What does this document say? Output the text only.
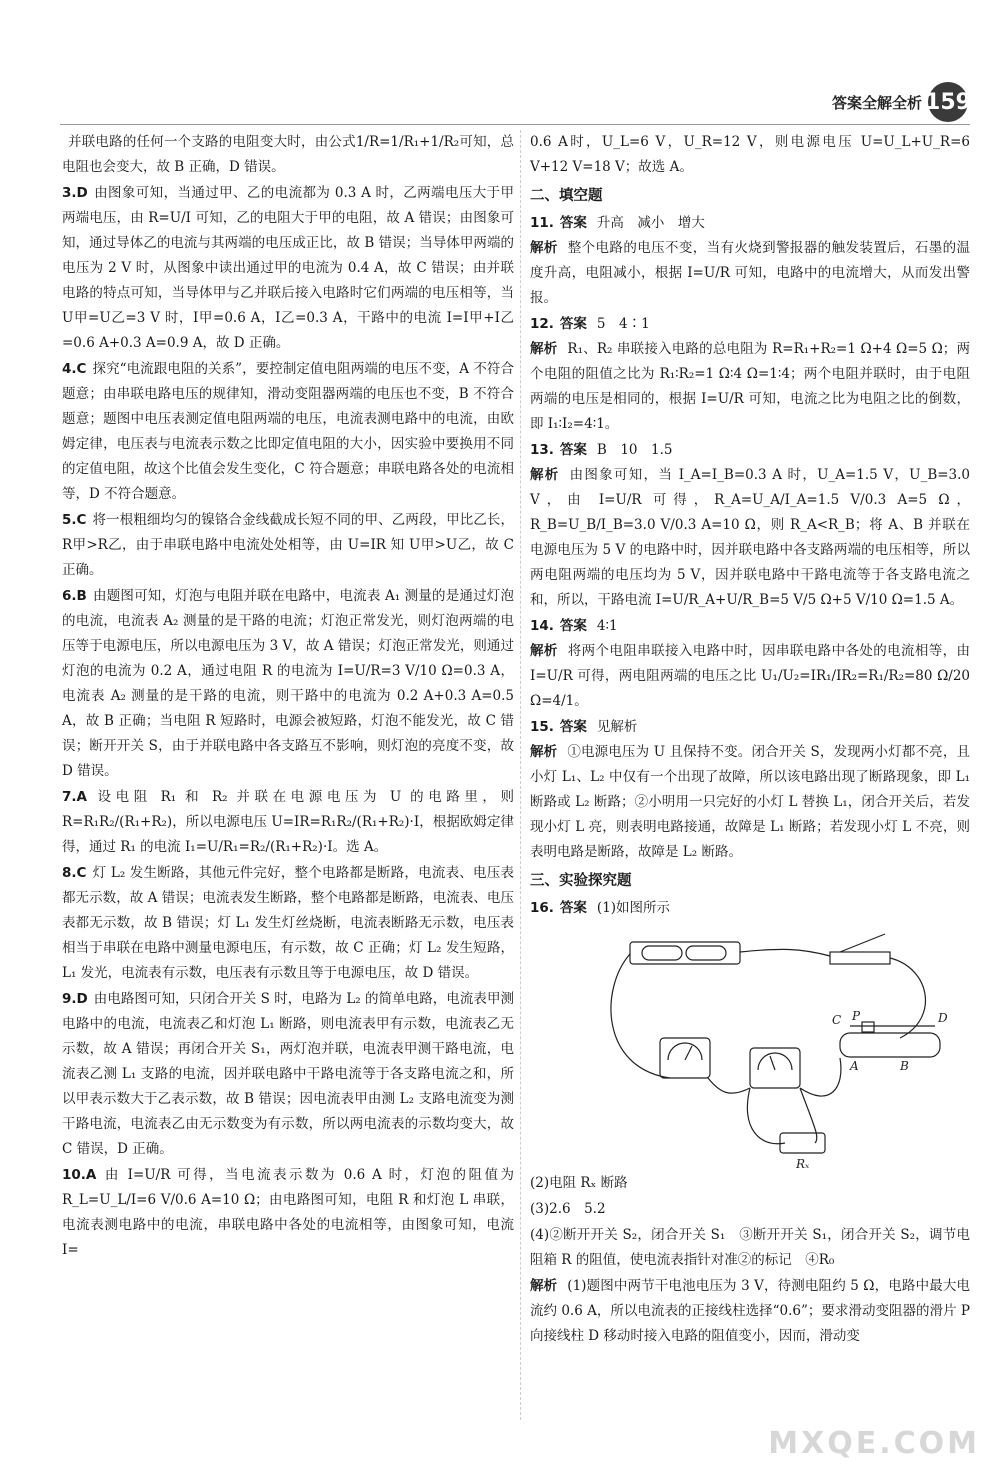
答案全解全析 159
并联电路的任何一个支路的电阻变大时，由公式1/R=1/R₁+1/R₂可知，总电阻也会变大，故 B 正确，D 错误。
3.D 由图象可知，当通过甲、乙的电流都为 0.3 A 时，乙两端电压大于甲两端电压，由 R=U/I 可知，乙的电阻大于甲的电阻，故 A 错误；由图象可知，通过导体乙的电流与其两端的电压成正比，故 B 错误；当导体甲两端的电压为 2 V 时，从图象中读出通过甲的电流为 0.4 A，故 C 错误；由并联电路的特点可知，当导体甲与乙并联后接入电路时它们两端的电压相等，当 U甲=U乙=3 V 时，I甲=0.6 A，I乙=0.3 A，干路中的电流 I=I甲+I乙=0.6 A+0.3 A=0.9 A，故 D 正确。
4.C 探究“电流跟电阻的关系”，要控制定值电阻两端的电压不变，A 不符合题意；由串联电路电压的规律知，滑动变阻器两端的电压也不变，B 不符合题意；题图中电压表测定值电阻两端的电压，电流表测电路中的电流，由欧姆定律，电压表与电流表示数之比即定值电阻的大小，因实验中要换用不同的定值电阻，故这个比值会发生变化，C 符合题意；串联电路各处的电流相等，D 不符合题意。
5.C 将一根粗细均匀的镍铬合金线截成长短不同的甲、乙两段，甲比乙长，R甲>R乙，由于串联电路中电流处处相等，由 U=IR 知 U甲>U乙，故 C 正确。
6.B 由题图可知，灯泡与电阻并联在电路中，电流表 A₁ 测量的是通过灯泡的电流，电流表 A₂ 测量的是干路的电流；灯泡正常发光，则灯泡两端的电压等于电源电压，所以电源电压为 3 V，故 A 错误；灯泡正常发光，则通过灯泡的电流为 0.2 A，通过电阻 R 的电流为 I=U/R=3 V/10 Ω=0.3 A，电流表 A₂ 测量的是干路的电流，则干路中的电流为 0.2 A+0.3 A=0.5 A，故 B 正确；当电阻 R 短路时，电源会被短路，灯泡不能发光，故 C 错误；断开开关 S，由于并联电路中各支路互不影响，则灯泡的亮度不变，故 D 错误。
7.A 设电阻 R₁ 和 R₂ 并联在电源电压为 U 的电路里，则 R=R₁R₂/(R₁+R₂)，所以电源电压 U=IR=R₁R₂/(R₁+R₂)·I，根据欧姆定律得，通过 R₁ 的电流 I₁=U/R₁=R₂/(R₁+R₂)·I。选 A。
8.C 灯 L₂ 发生断路，其他元件完好，整个电路都是断路，电流表、电压表都无示数，故 A 错误；电流表发生断路，整个电路都是断路，电流表、电压表都无示数，故 B 错误；灯 L₁ 发生灯丝烧断，电流表断路无示数，电压表相当于串联在电路中测量电源电压，有示数，故 C 正确；灯 L₂ 发生短路，L₁ 发光，电流表有示数，电压表有示数且等于电源电压，故 D 错误。
9.D 由电路图可知，只闭合开关 S 时，电路为 L₂ 的简单电路，电流表甲测电路中的电流，电流表乙和灯泡 L₁ 断路，则电流表甲有示数，电流表乙无示数，故 A 错误；再闭合开关 S₁，两灯泡并联，电流表甲测干路电流，电流表乙测 L₁ 支路的电流，因并联电路中干路电流等于各支路电流之和，所以甲表示数大于乙表示数，故 B 错误；因电流表甲由测 L₂ 支路电流变为测干路电流，电流表乙由无示数变为有示数，所以两电流表的示数均变大，故 C 错误，D 正确。
10.A 由 I=U/R 可得，当电流表示数为 0.6 A 时，灯泡的阻值为 R_L=U_L/I=6 V/0.6 A=10 Ω；由电路图可知，电阻 R 和灯泡 L 串联，电流表测电路中的电流，串联电路中各处的电流相等，由图象可知，电流 I=
0.6 A时，U_L=6 V，U_R=12 V，则电源电压 U=U_L+U_R=6 V+12 V=18 V；故选 A。
二、填空题
11. 答案 升高　减小　增大
解析 整个电路的电压不变，当有火烧到警报器的触发装置后，石墨的温度升高，电阻减小，根据 I=U/R 可知，电路中的电流增大，从而发出警报。
12. 答案 5　4∶1
解析 R₁、R₂ 串联接入电路的总电阻为 R=R₁+R₂=1 Ω+4 Ω=5 Ω；两个电阻的阻值之比为 R₁∶R₂=1 Ω∶4 Ω=1∶4；两个电阻并联时，由于电阻两端的电压是相同的，根据 I=U/R 可知，电流之比为电阻之比的倒数，即 I₁∶I₂=4∶1。
13. 答案 B　10　1.5
解析 由图象可知，当 I_A=I_B=0.3 A 时，U_A=1.5 V，U_B=3.0 V，由 I=U/R 可得，R_A=U_A/I_A=1.5 V/0.3 A=5 Ω，R_B=U_B/I_B=3.0 V/0.3 A=10 Ω，则 R_A<R_B；将 A、B 并联在电源电压为 5 V 的电路中时，因并联电路中各支路两端的电压相等，所以两电阻两端的电压均为 5 V，因并联电路中干路电流等于各支路电流之和，所以，干路电流 I=U/R_A+U/R_B=5 V/5 Ω+5 V/10 Ω=1.5 A。
14. 答案 4∶1
解析 将两个电阻串联接入电路中时，因串联电路中各处的电流相等，由 I=U/R 可得，两电阻两端的电压之比 U₁/U₂=IR₁/IR₂=R₁/R₂=80 Ω/20 Ω=4/1。
15. 答案 见解析
解析 ①电源电压为 U 且保持不变。闭合开关 S，发现两小灯都不亮，且小灯 L₁、L₂ 中仅有一个出现了故障，所以该电路出现了断路现象，即 L₁ 断路或 L₂ 断路；②小明用一只完好的小灯 L 替换 L₁，闭合开关后，若发现小灯 L 亮，则表明电路接通，故障是 L₁ 断路；若发现小灯 L 不亮，则表明电路是断路，故障是 L₂ 断路。
三、实验探究题
16. 答案 (1)如图所示
C P	D
A	B
Rₓ
(2)电阻 Rₓ 断路
(3)2.6　5.2
(4)②断开开关 S₂，闭合开关 S₁　③断开开关 S₁，闭合开关 S₂，调节电阻箱 R 的阻值，使电流表指针对准②的标记　④R₀
解析 (1)题图中两节干电池电压为 3 V，待测电阻约 5 Ω，电路中最大电流约 0.6 A，所以电流表的正接线柱选择“0.6”；要求滑动变阻器的滑片 P 向接线柱 D 移动时接入电路的阻值变小，因而，滑动变
MXQE.COM
